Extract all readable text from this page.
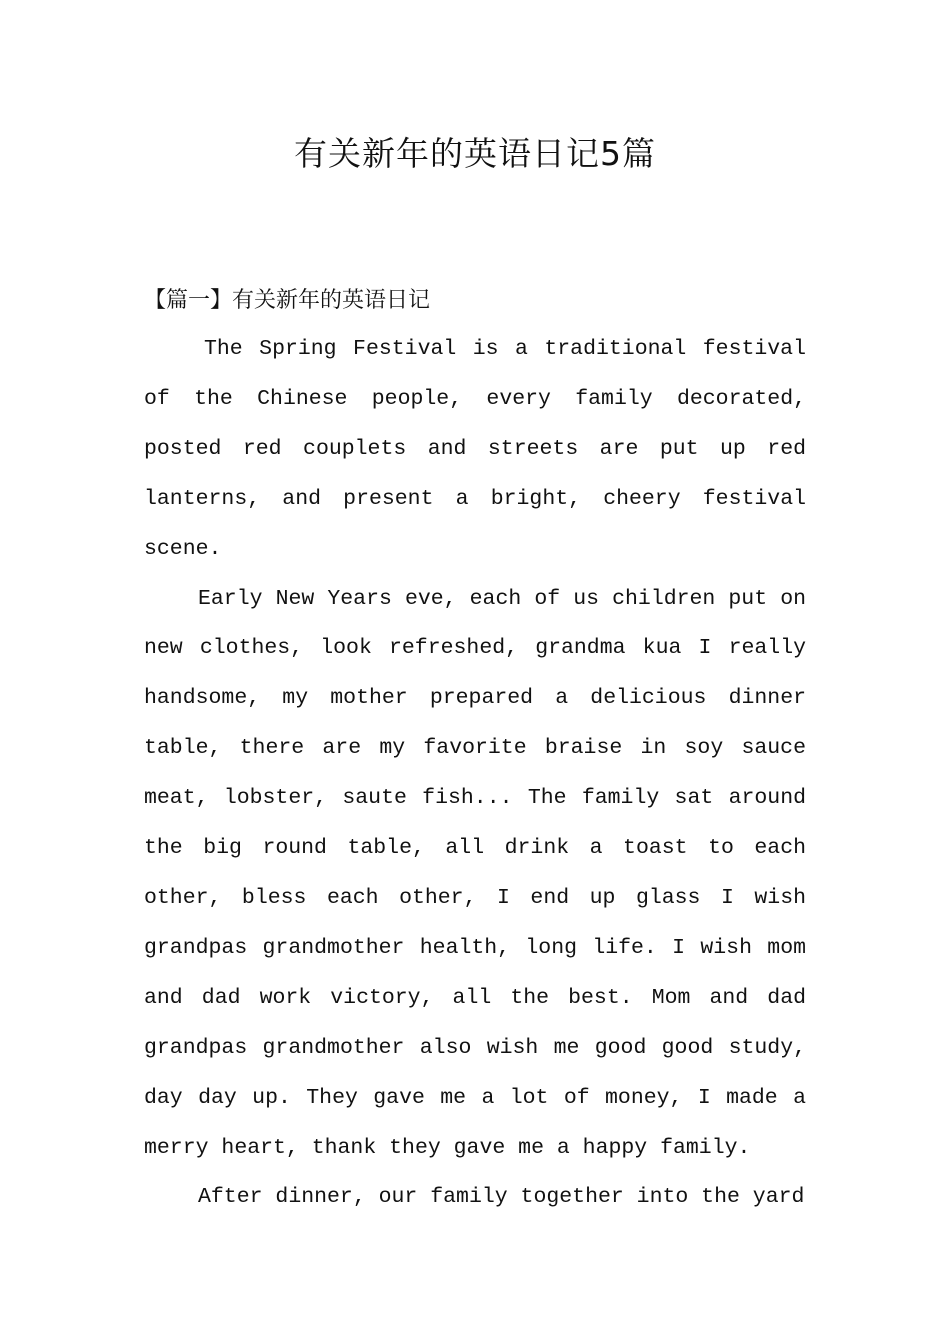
有关新年的英语日记5篇
【篇一】有关新年的英语日记

The Spring Festival is a traditional festival of the Chinese people, every family decorated, posted red couplets and streets are put up red lanterns, and present a bright, cheery festival scene.

Early New Years eve, each of us children put on new clothes, look refreshed, grandma kua I really handsome, my mother prepared a delicious dinner table, there are my favorite braise in soy sauce meat, lobster, saute fish... The family sat around the big round table, all drink a toast to each other, bless each other, I end up glass I wish grandpas grandmother health, long life. I wish mom and dad work victory, all the best. Mom and dad grandpas grandmother also wish me good good study, day day up. They gave me a lot of money, I made a merry heart, thank they gave me a happy family.

After dinner, our family together into the yard
